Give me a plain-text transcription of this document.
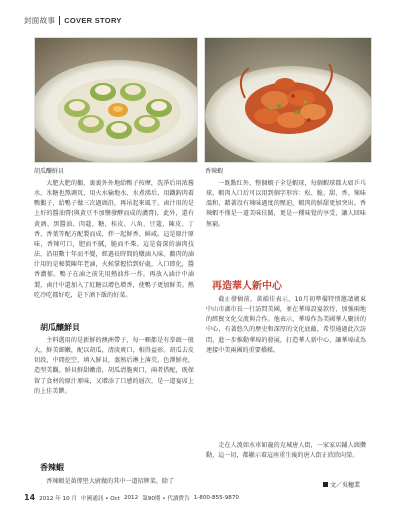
封面故事 COVER STORY
胡瓜釀鮮貝	香辣蝦

大肥大肥的鵝，裹裹外外地給鴨子按摩，洗凈后用浓酱水、氷糖也熬调页、用火水输地水、水煮沸后、用鐵鈎肉着鴨鵝子，給鴨子做三次過頭沿，再吊起來風干。鹵汁用的是上好的醬油膏(與黄豆不加鹽發酵而成的濃膏)，此外，還有黄酒、黑醬油、肉蔻、糖、桂皮、八角、豆蔻、陳皮、丁香、香葉等配方配製而成，拌一起鮮香、鲜咸。這是原汁原味，香辣可口，肥而不膩，脆而不柴。這是資深的滷肉技法，沿用數十年而不變，經過長時間的燉滷入味。鵝肉的滷汁用的是秘製陳年老滷，火候掌握恰到好處，入口即化，醬香濃郁。鴨子在滷之前先用熱油炸一炸，再放入滷汁中滷製，鹵汁中還加入了紅糖以增色增香，使鴨子更加鮮美。熱吃冷吃都好吃，是下酒下飯的好菜。

胡瓜釀鮮貝

主料選用的是新鮮的澳洲帶子，每一顆都是有拳頭一般大，鮮美細嫩，配以胡瓜，清淡爽口，相得益彰。胡瓜去皮切段，中間挖空，填入鮮貝，蒸熟后淋上薄芡，色澤鮮亮，造型美觀。鮮貝鮮甜嫩滑，胡瓜清脆爽口，兩者搭配，既保留了食材的原汁原味，又增添了口感的層次，是一道宴席上的上佳美饌。

香辣蝦

香辣蝦是黃偉堅大廚做的其中一道招牌菜，除了

一既點红外，整個蝦子全是蝦球，每個蝦球都大如乒乓球，蝦肉入口后可以用到個字形容：松、脆、甜、香。辣味溫和，藉著沒有辣味過度的壓迫，蝦肉的鮮甜更加突出。香辣蝦不僅是一道美味佳餚，更是一種味覺的享受，讓人回味無窮。

再造華人新中心

截止發稿前，黃韻佳表示，10月初準備特別邀請廣東中山市湖市長一行訪問美國，並在華埠設宴款待，加強兩地的經貿文化交流與合作。他表示，華埠作為美國華人聚居的中心，有著悠久的歷史和深厚的文化底蘊，希望通過此次訪問，進一步推動華埠的發展，打造華人新中心，讓華埠成為連接中美兩國的重要橋樑。

走在人流如水車如龍的克城唐人街，一家家店鋪人頭攢動，這一切，都顯示着這座重生後的唐人街正欣欣向榮。

文／吳穗業
14 2012 年 10 月 中國通訊 • Oct 2012 第90期 • 代讀費告 1-800-855-9870
